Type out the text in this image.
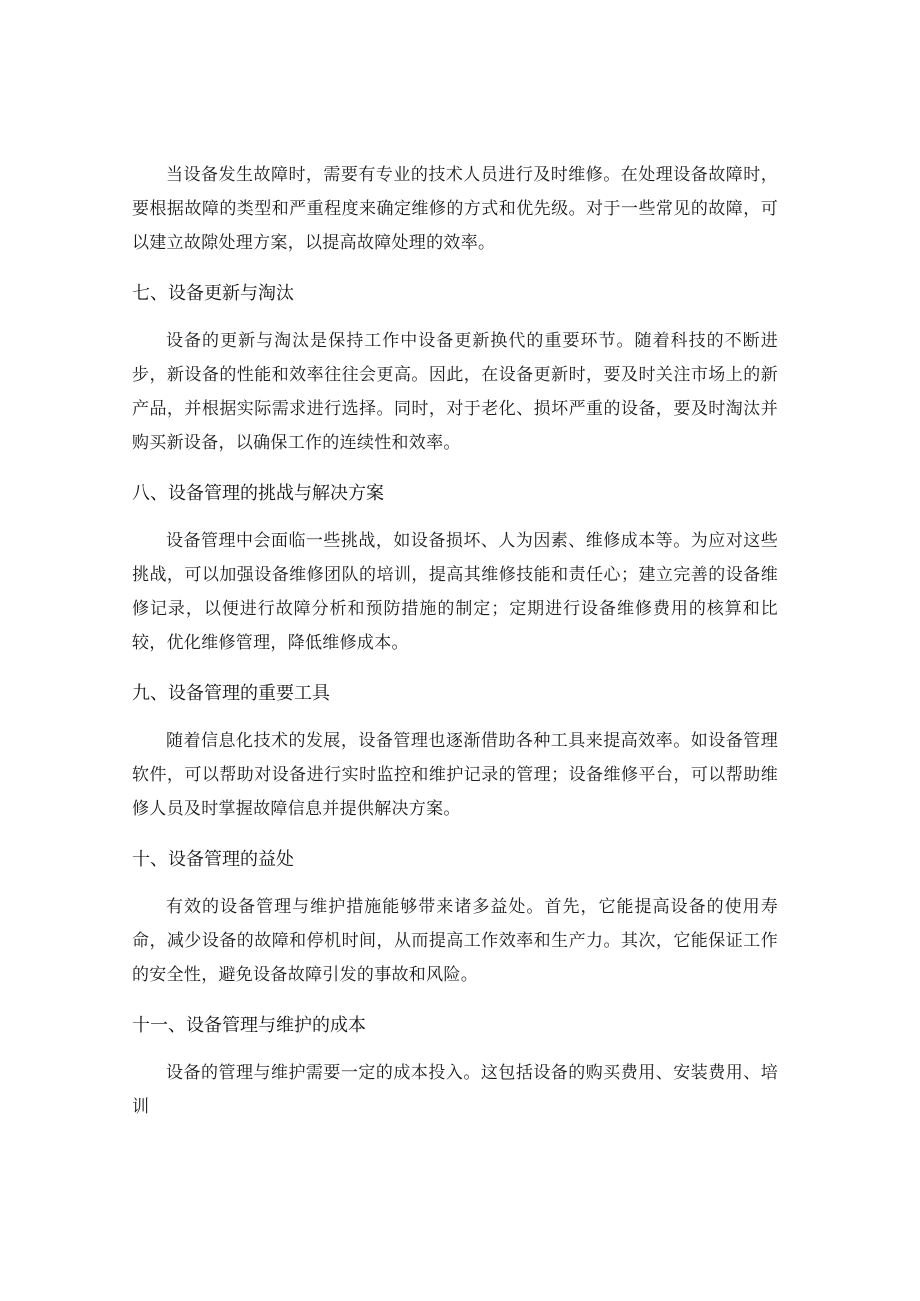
当设备发生故障时，需要有专业的技术人员进行及时维修。在处理设备故障时，要根据故障的类型和严重程度来确定维修的方式和优先级。对于一些常见的故障，可以建立故隙处理方案，以提高故障处理的效率。

七、设备更新与淘汰

设备的更新与淘汰是保持工作中设备更新换代的重要环节。随着科技的不断进步，新设备的性能和效率往往会更高。因此，在设备更新时，要及时关注市场上的新产品，并根据实际需求进行选择。同时，对于老化、损坏严重的设备，要及时淘汰并购买新设备，以确保工作的连续性和效率。

八、设备管理的挑战与解决方案

设备管理中会面临一些挑战，如设备损坏、人为因素、维修成本等。为应对这些挑战，可以加强设备维修团队的培训，提高其维修技能和责任心；建立完善的设备维修记录，以便进行故障分析和预防措施的制定；定期进行设备维修费用的核算和比较，优化维修管理，降低维修成本。

九、设备管理的重要工具

随着信息化技术的发展，设备管理也逐渐借助各种工具来提高效率。如设备管理软件，可以帮助对设备进行实时监控和维护记录的管理；设备维修平台，可以帮助维修人员及时掌握故障信息并提供解决方案。

十、设备管理的益处

有效的设备管理与维护措施能够带来诸多益处。首先，它能提高设备的使用寿命，减少设备的故障和停机时间，从而提高工作效率和生产力。其次，它能保证工作的安全性，避免设备故障引发的事故和风险。

十一、设备管理与维护的成本

设备的管理与维护需要一定的成本投入。这包括设备的购买费用、安装费用、培训
